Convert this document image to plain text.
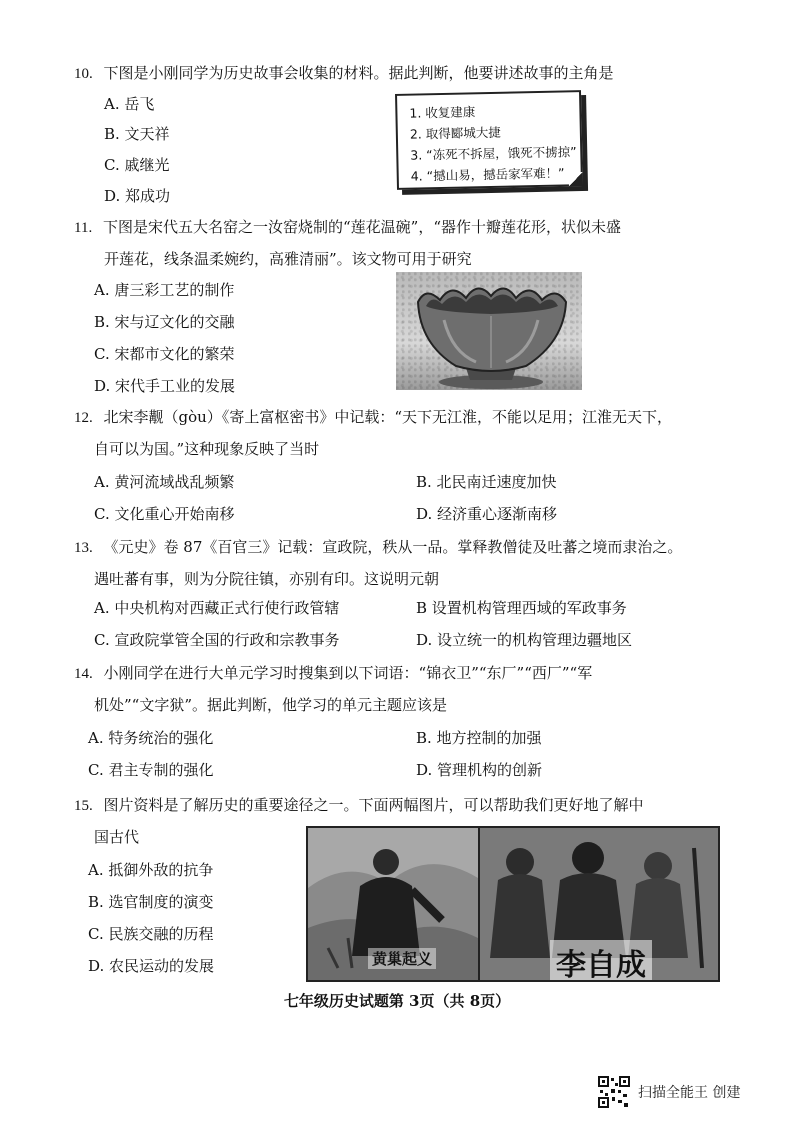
10. 下图是小刚同学为历史故事会收集的材料。据此判断，他要讲述故事的主角是
A. 岳飞
B. 文天祥
C. 戚继光
D. 郑成功
1. 收复建康
2. 取得郾城大捷
3. “冻死不拆屋，饿死不掳掠”
4. “撼山易，撼岳家军难！”
11. 下图是宋代五大名窑之一汝窑烧制的“莲花温碗”，“器作十瓣莲花形，状似未盛
开莲花，线条温柔婉约，高雅清丽”。该文物可用于研究
A. 唐三彩工艺的制作
B. 宋与辽文化的交融
C. 宋都市文化的繁荣
D. 宋代手工业的发展
12. 北宋李觏（gòu）《寄上富枢密书》中记载：“天下无江淮，不能以足用；江淮无天下，
自可以为国。”这种现象反映了当时
A. 黄河流域战乱频繁	B. 北民南迁速度加快
C. 文化重心开始南移	D. 经济重心逐渐南移
13. 《元史》卷 87《百官三》记载：宣政院，秩从一品。掌释教僧徒及吐蕃之境而隶治之。
遇吐蕃有事，则为分院往镇，亦别有印。这说明元朝
A. 中央机构对西藏正式行使行政管辖	B 设置机构管理西域的军政事务
C. 宣政院掌管全国的行政和宗教事务	D. 设立统一的机构管理边疆地区
14. 小刚同学在进行大单元学习时搜集到以下词语：“锦衣卫”“东厂”“西厂”“军
机处”“文字狱”。据此判断，他学习的单元主题应该是
A. 特务统治的强化	B. 地方控制的加强
C. 君主专制的强化	D. 管理机构的创新
15. 图片资料是了解历史的重要途径之一。下面两幅图片，可以帮助我们更好地了解中
国古代
A. 抵御外敌的抗争
B. 选官制度的演变
C. 民族交融的历程
D. 农民运动的发展	黄巢起义	李自成
七年级历史试题第 3页（共 8页）
扫描全能王 创建
